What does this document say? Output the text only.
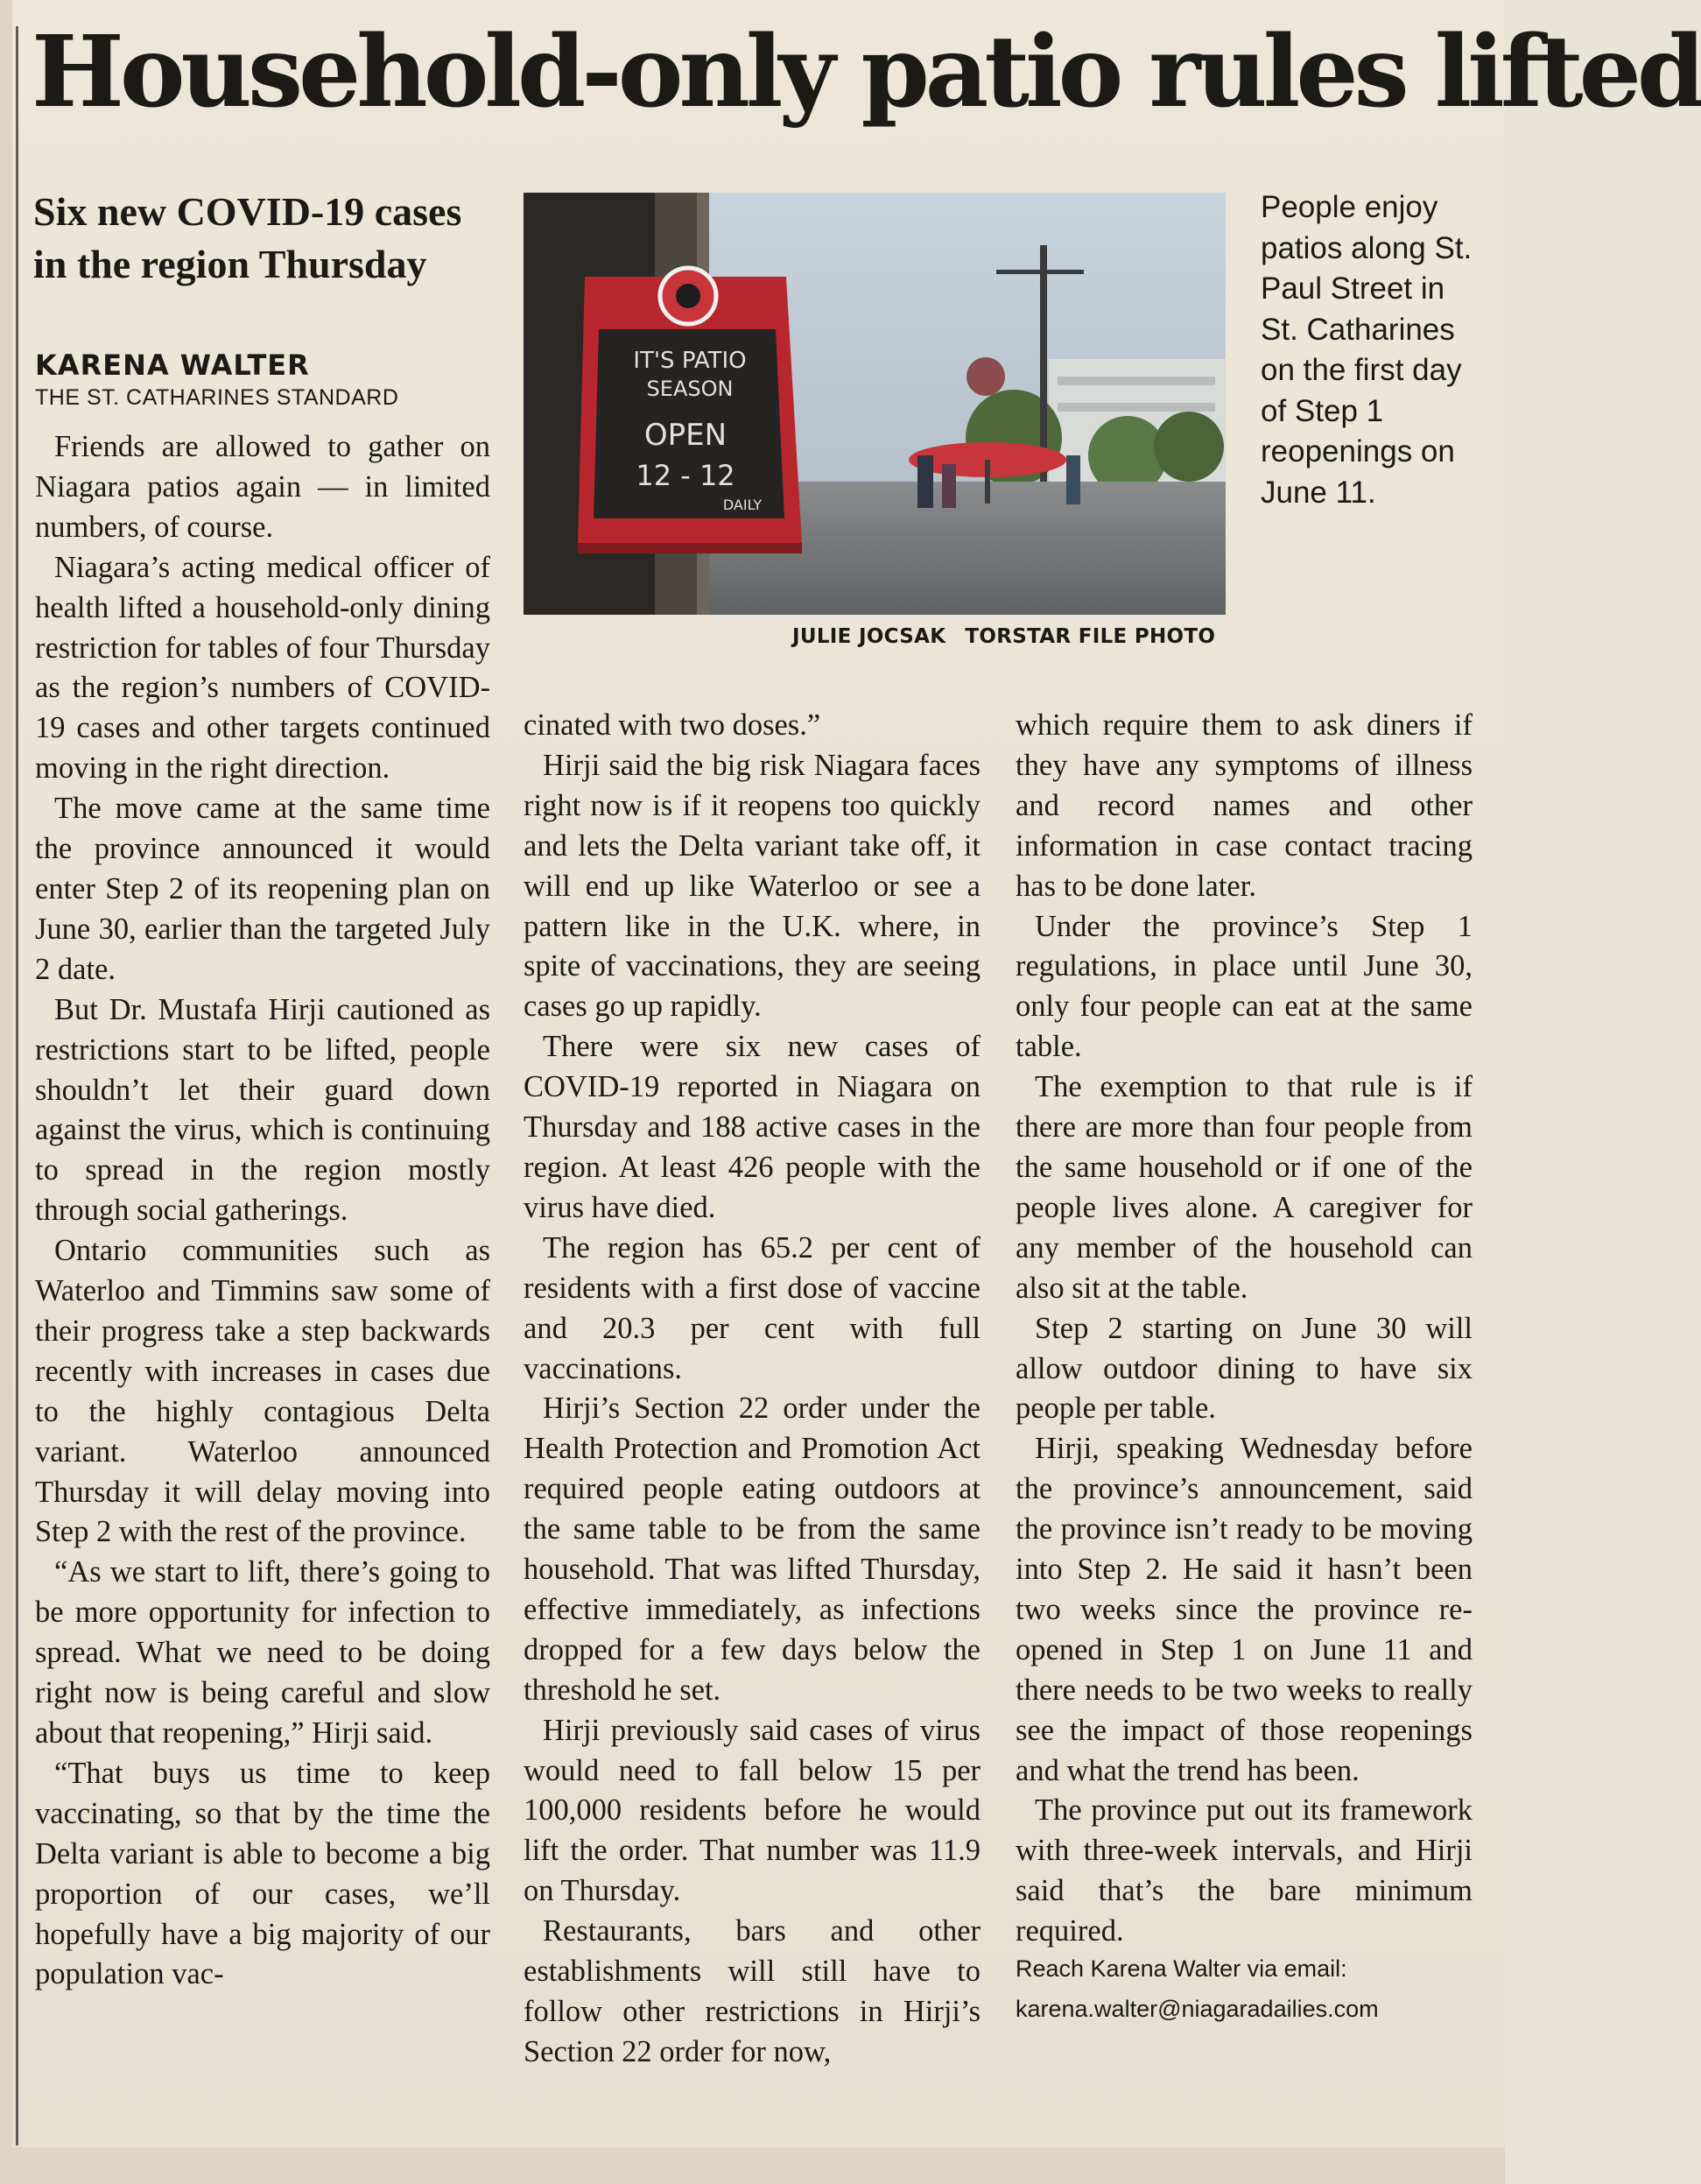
Household-only patio rules lifted
Six new COVID-19 cases in the region Thursday
KARENA WALTER
THE ST. CATHARINES STANDARD

Friends are allowed to gather on Niagara patios again — in limited numbers, of course.

Niagara’s acting medical officer of health lifted a household-only dining restriction for tables of four Thursday as the region’s numbers of COVID-19 cases and other targets continued moving in the right direction.

The move came at the same time the province announced it would enter Step 2 of its reopening plan on June 30, earlier than the targeted July 2 date.

But Dr. Mustafa Hirji cautioned as restrictions start to be lifted, people shouldn’t let their guard down against the virus, which is continuing to spread in the region mostly through social gatherings.

Ontario communities such as Waterloo and Timmins saw some of their progress take a step backwards recently with increases in cases due to the highly contagious Delta variant. Waterloo announced Thursday it will delay moving into Step 2 with the rest of the province.

“As we start to lift, there’s going to be more opportunity for infection to spread. What we need to be doing right now is being careful and slow about that reopening,” Hirji said.

“That buys us time to keep vaccinating, so that by the time the Delta variant is able to become a big proportion of our cases, we’ll hopefully have a big majority of our population vac-

IT'S PATIO
SEASON
OPEN
12 - 12
DAILY
JULIE JOCSAK TORSTAR FILE PHOTO
People enjoy patios along St. Paul Street in St. Catharines on the first day of Step 1 reopenings on June 11.

cinated with two doses.”

Hirji said the big risk Niagara faces right now is if it reopens too quickly and lets the Delta variant take off, it will end up like Waterloo or see a pattern like in the U.K. where, in spite of vaccinations, they are seeing cases go up rapidly.

There were six new cases of COVID-19 reported in Niagara on Thursday and 188 active cases in the region. At least 426 people with the virus have died.

The region has 65.2 per cent of residents with a first dose of vaccine and 20.3 per cent with full vaccinations.

Hirji’s Section 22 order under the Health Protection and Promotion Act required people eating outdoors at the same table to be from the same household. That was lifted Thursday, effective immediately, as infections dropped for a few days below the threshold he set.

Hirji previously said cases of virus would need to fall below 15 per 100,000 residents before he would lift the order. That number was 11.9 on Thursday.

Restaurants, bars and other establishments will still have to follow other restrictions in Hirji’s Section 22 order for now,

which require them to ask diners if they have any symptoms of illness and record names and other information in case contact tracing has to be done later.

Under the province’s Step 1 regulations, in place until June 30, only four people can eat at the same table.

The exemption to that rule is if there are more than four people from the same household or if one of the people lives alone. A caregiver for any member of the household can also sit at the table.

Step 2 starting on June 30 will allow outdoor dining to have six people per table.

Hirji, speaking Wednesday before the province’s announcement, said the province isn’t ready to be moving into Step 2. He said it hasn’t been two weeks since the province reopened in Step 1 on June 11 and there needs to be two weeks to really see the impact of those reopenings and what the trend has been.

The province put out its framework with three-week intervals, and Hirji said that’s the bare minimum required.

Reach Karena Walter via email:
karena.walter@niagaradailies.com
